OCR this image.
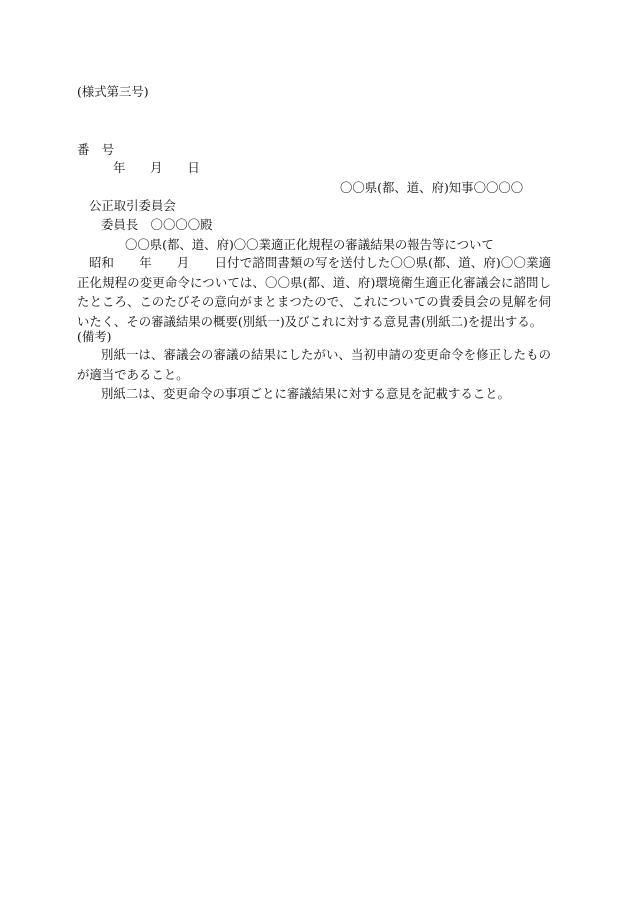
(様式第三号)
番　号
年　　月　　日
〇〇県(都、道、府)知事〇〇〇〇
公正取引委員会
委員長　〇〇〇〇殿
〇〇県(都、道、府)〇〇業適正化規程の審議結果の報告等について
昭和　　年　　月　　日付で諮問書類の写を送付した〇〇県(都、道、府)〇〇業適正化規程の変更命令については、〇〇県(都、道、府)環境衛生適正化審議会に諮問したところ、このたびその意向がまとまつたので、これについての貴委員会の見解を伺いたく、その審議結果の概要(別紙一)及びこれに対する意見書(別紙二)を提出する。
(備考)
別紙一は、審議会の審議の結果にしたがい、当初申請の変更命令を修正したものが適当であること。
別紙二は、変更命令の事項ごとに審議結果に対する意見を記載すること。
